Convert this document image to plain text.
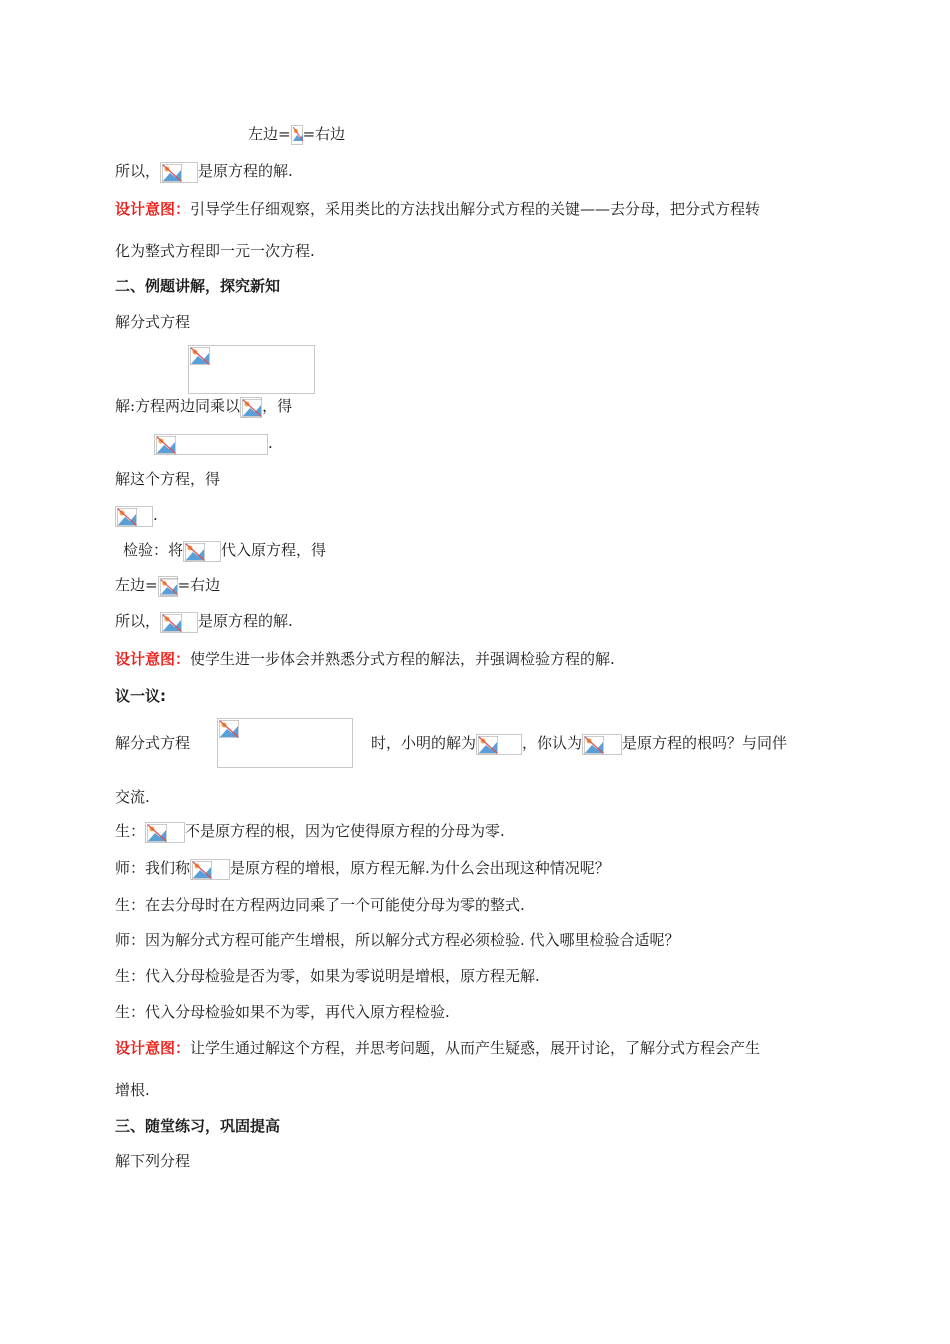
左边= =右边
所以，	是原方程的解.
设计意图：引导学生仔细观察，采用类比的方法找出解分式方程的关键——去分母，把分式方程转
化为整式方程即一元一次方程.
二、例题讲解，探究新知
解分式方程
解:方程两边同乘以 ，得
.
解这个方程，得
.
检验：将	代入原方程，得
左边= =右边
所以，	是原方程的解.
设计意图：使学生进一步体会并熟悉分式方程的解法，并强调检验方程的解.
议一议:
解分式方程	时，小明的解为	，你认为	是原方程的根吗？与同伴
交流.
生：	不是原方程的根，因为它使得原方程的分母为零.
师：我们称	是原方程的增根，原方程无解.为什么会出现这种情况呢？
生：在去分母时在方程两边同乘了一个可能使分母为零的整式.
师：因为解分式方程可能产生增根，所以解分式方程必须检验. 代入哪里检验合适呢？
生：代入分母检验是否为零，如果为零说明是增根，原方程无解.
生：代入分母检验如果不为零，再代入原方程检验.
设计意图：让学生通过解这个方程，并思考问题，从而产生疑惑，展开讨论，了解分式方程会产生
增根.
三、随堂练习，巩固提高
解下列分程
